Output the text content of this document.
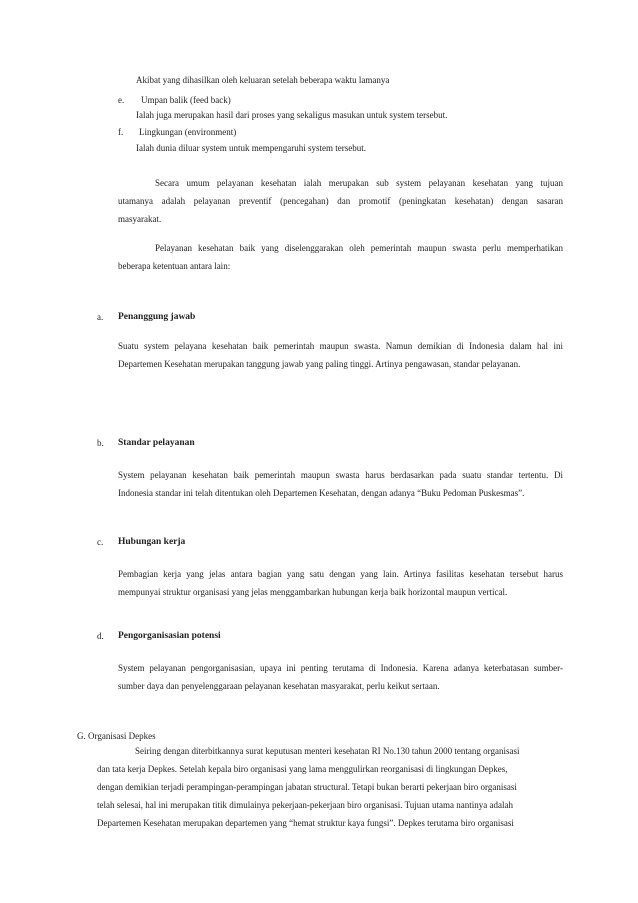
Akibat yang dihasilkan oleh keluaran setelah beberapa waktu lamanya
e. Umpan balik (feed back)
Ialah juga merupakan hasil dari proses yang sekaligus masukan untuk system tersebut.
f. Lingkungan (environment)
Ialah dunia diluar system untuk mempengaruhi system tersebut.
Secara umum pelayanan kesehatan ialah merupakan sub system pelayanan kesehatan yang tujuan
utamanya adalah pelayanan preventif (pencegahan) dan promotif (peningkatan kesehatan) dengan sasaran
masyarakat.
Pelayanan kesehatan baik yang diselenggarakan oleh pemerintah maupun swasta perlu memperhatikan
beberapa ketentuan antara lain:
a. Penanggung jawab
Suatu system pelayana kesehatan baik pemerintah maupun swasta. Namun demikian di Indonesia dalam hal ini
Departemen Kesehatan merupakan tanggung jawab yang paling tinggi. Artinya pengawasan, standar pelayanan.
b. Standar pelayanan
System pelayanan kesehatan baik pemerintah maupun swasta harus berdasarkan pada suatu standar tertentu. Di
Indonesia standar ini telah ditentukan oleh Departemen Kesehatan, dengan adanya “Buku Pedoman Puskesmas”.
c. Hubungan kerja
Pembagian kerja yang jelas antara bagian yang satu dengan yang lain. Artinya fasilitas kesehatan tersebut harus
mempunyai struktur organisasi yang jelas menggambarkan hubungan kerja baik horizontal maupun vertical.
d. Pengorganisasian potensi
System pelayanan pengorganisasian, upaya ini penting terutama di Indonesia. Karena adanya keterbatasan sumber-
sumber daya dan penyelenggaraan pelayanan kesehatan masyarakat, perlu keikut sertaan.
G. Organisasi Depkes
Seiring dengan diterbitkannya surat keputusan menteri kesehatan RI No.130 tahun 2000 tentang organisasi
dan tata kerja Depkes. Setelah kepala biro organisasi yang lama menggulirkan reorganisasi di lingkungan Depkes,
dengan demikian terjadi perampingan-perampingan jabatan structural. Tetapi bukan berarti pekerjaan biro organisasi
telah selesai, hal ini merupakan titik dimulainya pekerjaan-pekerjaan biro organisasi. Tujuan utama nantinya adalah
Departemen Kesehatan merupakan departemen yang “hemat struktur kaya fungsi”. Depkes terutama biro organisasi
